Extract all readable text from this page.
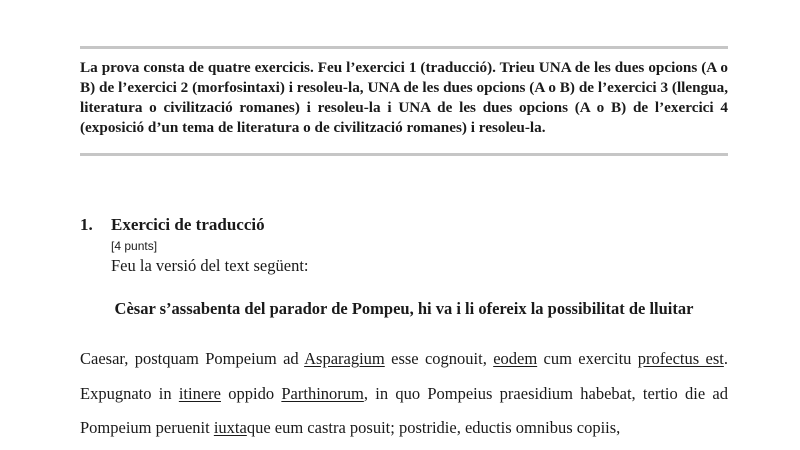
La prova consta de quatre exercicis. Feu l’exercici 1 (traducció). Trieu UNA de les dues opcions (A o B) de l’exercici 2 (morfosintaxi) i resoleu-la, UNA de les dues opcions (A o B) de l’exercici 3 (llengua, literatura o civilització romanes) i resoleu-la i UNA de les dues opcions (A o B) de l’exercici 4 (exposició d’un tema de literatura o de civilització romanes) i resoleu-la.
1. Exercici de traducció
[4 punts]
Feu la versió del text següent:
Cèsar s’assabenta del parador de Pompeu, hi va i li ofereix la possibilitat de lluitar
Caesar, postquam Pompeium ad Asparagium esse cognouit, eodem cum exercitu profectus est. Expugnato in itinere oppido Parthinorum, in quo Pompeius praesidium habebat, tertio die ad Pompeium peruenit iuxtaque eum castra posuit; postridie, eductis omnibus copiis,
